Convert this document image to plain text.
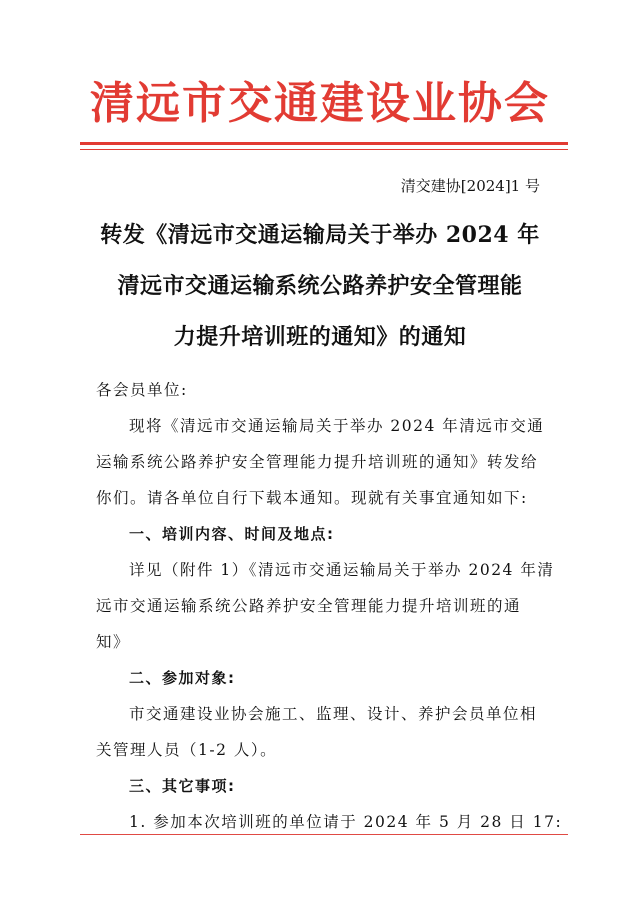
清远市交通建设业协会
清交建协[2024]1 号
转发《清远市交通运输局关于举办 2024 年
清远市交通运输系统公路养护安全管理能
力提升培训班的通知》的通知
各会员单位:
现将《清远市交通运输局关于举办 2024 年清远市交通
运输系统公路养护安全管理能力提升培训班的通知》转发给
你们。请各单位自行下载本通知。现就有关事宜通知如下:
一、培训内容、时间及地点:
详见（附件 1）《清远市交通运输局关于举办 2024 年清
远市交通运输系统公路养护安全管理能力提升培训班的通
知》
二、参加对象:
市交通建设业协会施工、监理、设计、养护会员单位相
关管理人员（1-2 人）。
三、其它事项:
1. 参加本次培训班的单位请于 2024 年 5 月 28 日 17:
